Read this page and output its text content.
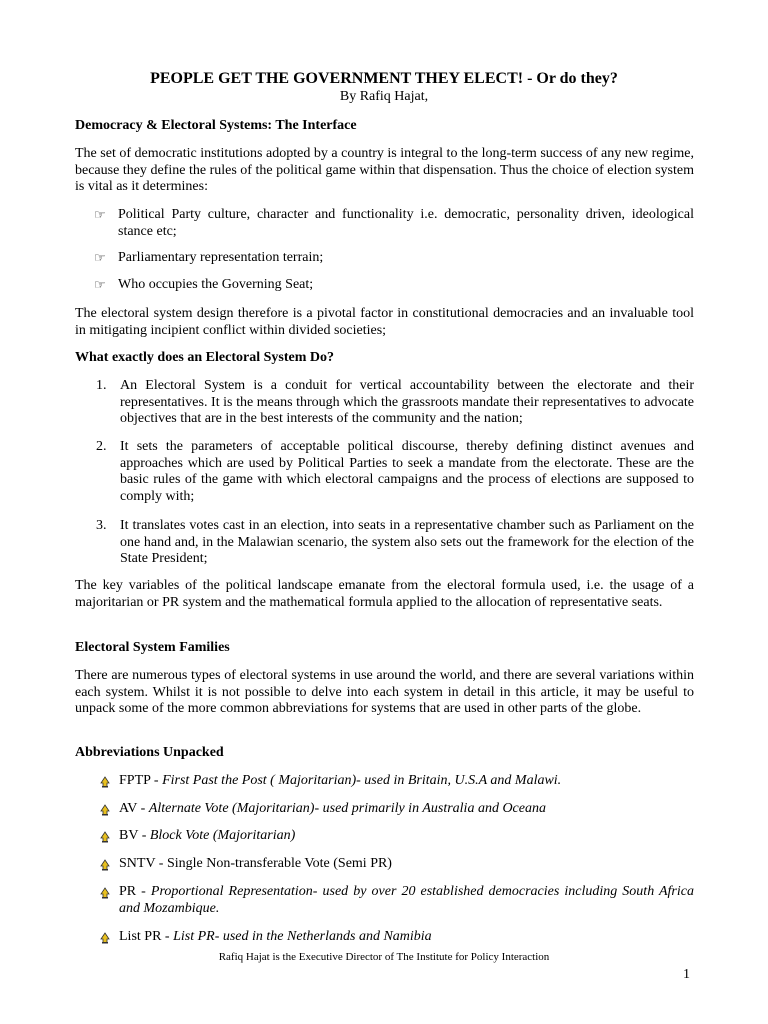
PEOPLE GET THE GOVERNMENT THEY ELECT! - Or do they?
By Rafiq Hajat,
Democracy & Electoral Systems: The Interface
The set of democratic institutions adopted by a country is integral to the long-term success of any new regime, because they define the rules of the political game within that dispensation. Thus the choice of election system is vital as it determines:
☞ Political Party culture, character and functionality i.e. democratic, personality driven, ideological stance etc;
☞ Parliamentary representation terrain;
☞ Who occupies the Governing Seat;
The electoral system design therefore is a pivotal factor in constitutional democracies and an invaluable tool in mitigating incipient conflict within divided societies;
What exactly does an Electoral System Do?
1. An Electoral System is a conduit for vertical accountability between the electorate and their representatives. It is the means through which the grassroots mandate their representatives to advocate objectives that are in the best interests of the community and the nation;
2. It sets the parameters of acceptable political discourse, thereby defining distinct avenues and approaches which are used by Political Parties to seek a mandate from the electorate. These are the basic rules of the game with which electoral campaigns and the process of elections are supposed to comply with;
3. It translates votes cast in an election, into seats in a representative chamber such as Parliament on the one hand and, in the Malawian scenario, the system also sets out the framework for the election of the State President;
The key variables of the political landscape emanate from the electoral formula used, i.e. the usage of a majoritarian or PR system and the mathematical formula applied to the allocation of representative seats.
Electoral System Families
There are numerous types of electoral systems in use around the world, and there are several variations within each system. Whilst it is not possible to delve into each system in detail in this article, it may be useful to unpack some of the more common abbreviations for systems that are used in other parts of the globe.
Abbreviations Unpacked
FPTP - First Past the Post ( Majoritarian)- used in Britain, U.S.A and Malawi.
AV - Alternate Vote (Majoritarian)- used primarily in Australia and Oceana
BV - Block Vote (Majoritarian)
SNTV - Single Non-transferable Vote (Semi PR)
PR - Proportional Representation- used by over 20 established democracies including South Africa and Mozambique.
List PR - List PR- used in the Netherlands and Namibia
Rafiq Hajat is the Executive Director of The Institute for Policy Interaction
1
